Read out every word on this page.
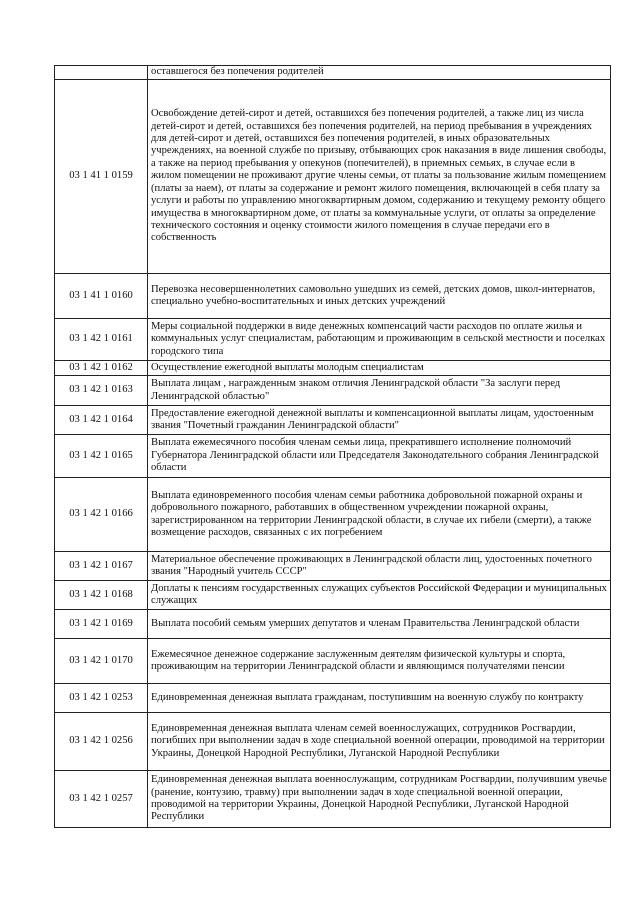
	оставшегося без попечения родителей
03 1 41 1 0159	Освобождение детей-сирот и детей, оставшихся без попечения родителей, а также лиц из числа детей-сирот и детей, оставшихся без попечения родителей, на период пребывания в учреждениях для детей-сирот и детей, оставшихся без попечения родителей, в иных образовательных учреждениях, на военной службе по призыву, отбывающих срок наказания в виде лишения свободы, а также на период пребывания у опекунов (попечителей), в приемных семьях, в случае если в жилом помещении не проживают другие члены семьи, от платы за пользование жилым помещением (платы за наем), от платы за содержание и ремонт жилого помещения, включающей в себя плату за услуги и работы по управлению многоквартирным домом, содержанию и текущему ремонту общего имущества в многоквартирном доме, от платы за коммунальные услуги, от оплаты за определение технического состояния и оценку стоимости жилого помещения в случае передачи его в собственность
03 1 41 1 0160	Перевозка несовершеннолетних самовольно ушедших из семей, детских домов, школ-интернатов, специально учебно-воспитательных и иных детских учреждений
03 1 42 1 0161	Меры социальной поддержки в виде денежных компенсаций части расходов по оплате жилья и коммунальных услуг специалистам, работающим и проживающим в сельской местности и поселках городского типа
03 1 42 1 0162	Осуществление ежегодной выплаты молодым специалистам
03 1 42 1 0163	Выплата лицам , награжденным знаком отличия Ленинградской области "За заслуги перед Ленинградской областью"
03 1 42 1 0164	Предоставление ежегодной денежной выплаты и компенсационной выплаты лицам, удостоенным звания "Почетный гражданин Ленинградской области"
03 1 42 1 0165	Выплата ежемесячного пособия членам семьи лица, прекратившего исполнение полномочий Губернатора Ленинградской области или Председателя Законодательного собрания Ленинградской области
03 1 42 1 0166	Выплата единовременного пособия членам семьи работника добровольной пожарной охраны и добровольного пожарного, работавших в общественном учреждении пожарной охраны, зарегистрированном на территории Ленинградской области, в случае их гибели (смерти), а также возмещение расходов, связанных с их погребением
03 1 42 1 0167	Материальное обеспечение проживающих в Ленинградской области лиц, удостоенных почетного звания "Народный учитель СССР"
03 1 42 1 0168	Доплаты к пенсиям государственных служащих субъектов Российской Федерации и муниципальных служащих
03 1 42 1 0169	Выплата пособий семьям умерших депутатов и членам Правительства Ленинградской области
03 1 42 1 0170	Ежемесячное денежное содержание заслуженным деятелям физической культуры и спорта, проживающим на территории Ленинградской области и являющимся получателями пенсии
03 1 42 1 0253	Единовременная денежная выплата гражданам, поступившим на военную службу по контракту
03 1 42 1 0256	Единовременная денежная выплата членам семей военнослужащих, сотрудников Росгвардии, погибших при выполнении задач в ходе специальной военной операции, проводимой на территории Украины, Донецкой Народной Республики, Луганской Народной Республики
03 1 42 1 0257	Единовременная денежная выплата военнослужащим, сотрудникам Росгвардии, получившим увечье (ранение, контузию, травму) при выполнении задач в ходе специальной военной операции, проводимой на территории Украины, Донецкой Народной Республики, Луганской Народной Республики
